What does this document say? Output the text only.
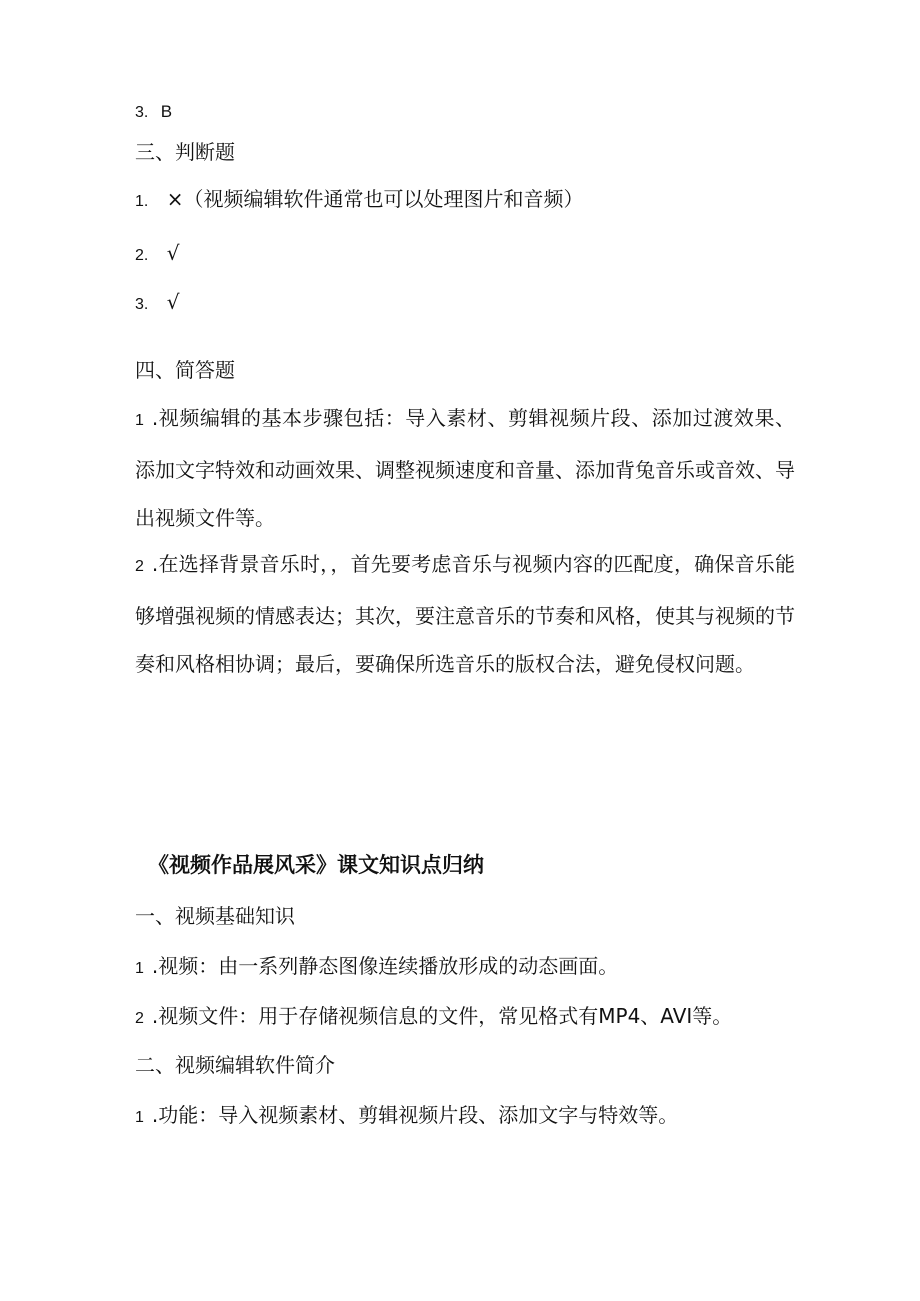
3. B
三、判断题
1. ×（视频编辑软件通常也可以处理图片和音频）
2. √
3. √
四、简答题
1 .视频编辑的基本步骤包括：导入素材、剪辑视频片段、添加过渡效果、添加文字特效和动画效果、调整视频速度和音量、添加背兔音乐或音效、导出视频文件等。
2 .在选择背景音乐时，，首先要考虑音乐与视频内容的匹配度，确保音乐能够增强视频的情感表达；其次，要注意音乐的节奏和风格，使其与视频的节奏和风格相协调；最后，要确保所选音乐的版权合法，避免侵权问题。
《视频作品展风采》课文知识点归纳
一、视频基础知识
1 .视频：由一系列静态图像连续播放形成的动态画面。
2 .视频文件：用于存储视频信息的文件，常见格式有MP4、AVI等。
二、视频编辑软件简介
1 .功能：导入视频素材、剪辑视频片段、添加文字与特效等。
